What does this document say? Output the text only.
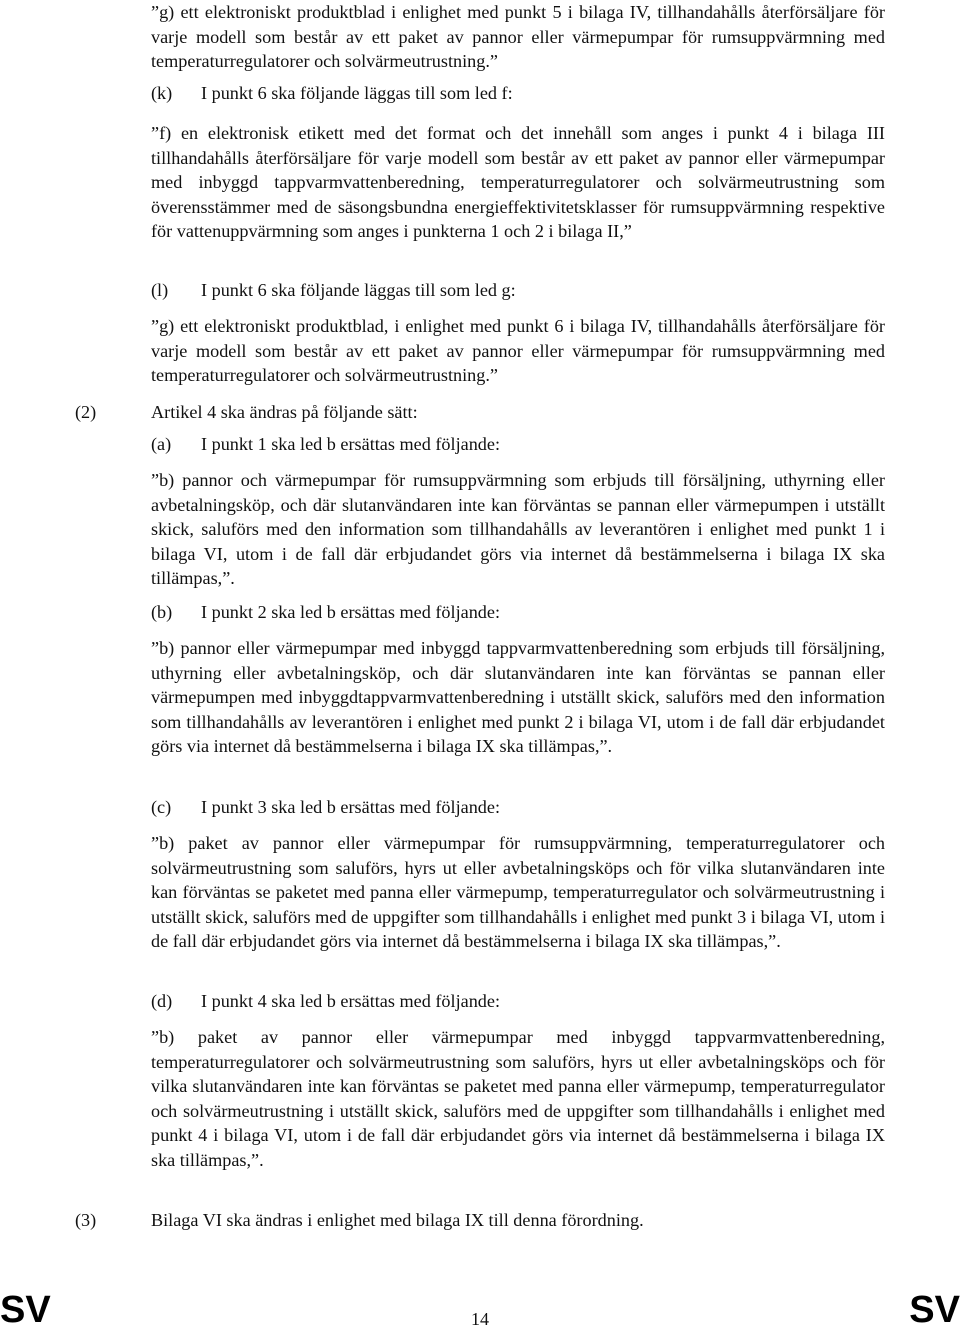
”g) ett elektroniskt produktblad i enlighet med punkt 5 i bilaga IV, tillhandahålls återförsäljare för varje modell som består av ett paket av pannor eller värmepumpar för rumsuppvärmning med temperaturregulatorer och solvärmeutrustning.”

(k) I punkt 6 ska följande läggas till som led f:

”f) en elektronisk etikett med det format och det innehåll som anges i punkt 4 i bilaga III tillhandahålls återförsäljare för varje modell som består av ett paket av pannor eller värmepumpar med inbyggd tappvarmvattenberedning, temperaturregulatorer och solvärmeutrustning som överensstämmer med de säsongsbundna energieffektivitetsklasser för rumsuppvärmning respektive för vattenuppvärmning som anges i punkterna 1 och 2 i bilaga II,”

(l) I punkt 6 ska följande läggas till som led g:

”g) ett elektroniskt produktblad, i enlighet med punkt 6 i bilaga IV, tillhandahålls återförsäljare för varje modell som består av ett paket av pannor eller värmepumpar för rumsuppvärmning med temperaturregulatorer och solvärmeutrustning.”

(2)	Artikel 4 ska ändras på följande sätt:
(a) I punkt 1 ska led b ersättas med följande:

”b) pannor och värmepumpar för rumsuppvärmning som erbjuds till försäljning, uthyrning eller avbetalningsköp, och där slutanvändaren inte kan förväntas se pannan eller värmepumpen i utställt skick, saluförs med den information som tillhandahålls av leverantören i enlighet med punkt 1 i bilaga VI, utom i de fall där erbjudandet görs via internet då bestämmelserna i bilaga IX ska tillämpas,”.

(b) I punkt 2 ska led b ersättas med följande:

”b) pannor eller värmepumpar med inbyggd tappvarmvattenberedning som erbjuds till försäljning, uthyrning eller avbetalningsköp, och där slutanvändaren inte kan förväntas se pannan eller värmepumpen med inbyggdtappvarmvattenberedning i utställt skick, saluförs med den information som tillhandahålls av leverantören i enlighet med punkt 2 i bilaga VI, utom i de fall där erbjudandet görs via internet då bestämmelserna i bilaga IX ska tillämpas,”.

(c) I punkt 3 ska led b ersättas med följande:

”b) paket av pannor eller värmepumpar för rumsuppvärmning, temperaturregulatorer och solvärmeutrustning som saluförs, hyrs ut eller avbetalningsköps och för vilka slutanvändaren inte kan förväntas se paketet med panna eller värmepump, temperaturregulator och solvärmeutrustning i utställt skick, saluförs med de uppgifter som tillhandahålls i enlighet med punkt 3 i bilaga VI, utom i de fall där erbjudandet görs via internet då bestämmelserna i bilaga IX ska tillämpas,”.

(d) I punkt 4 ska led b ersättas med följande:

”b) paket av pannor eller värmepumpar med inbyggd tappvarmvattenberedning, temperaturregulatorer och solvärmeutrustning som saluförs, hyrs ut eller avbetalningsköps och för vilka slutanvändaren inte kan förväntas se paketet med panna eller värmepump, temperaturregulator och solvärmeutrustning i utställt skick, saluförs med de uppgifter som tillhandahålls i enlighet med punkt 4 i bilaga VI, utom i de fall där erbjudandet görs via internet då bestämmelserna i bilaga IX ska tillämpas,”.

(3)	Bilaga VI ska ändras i enlighet med bilaga IX till denna förordning.
SV	14	SV
